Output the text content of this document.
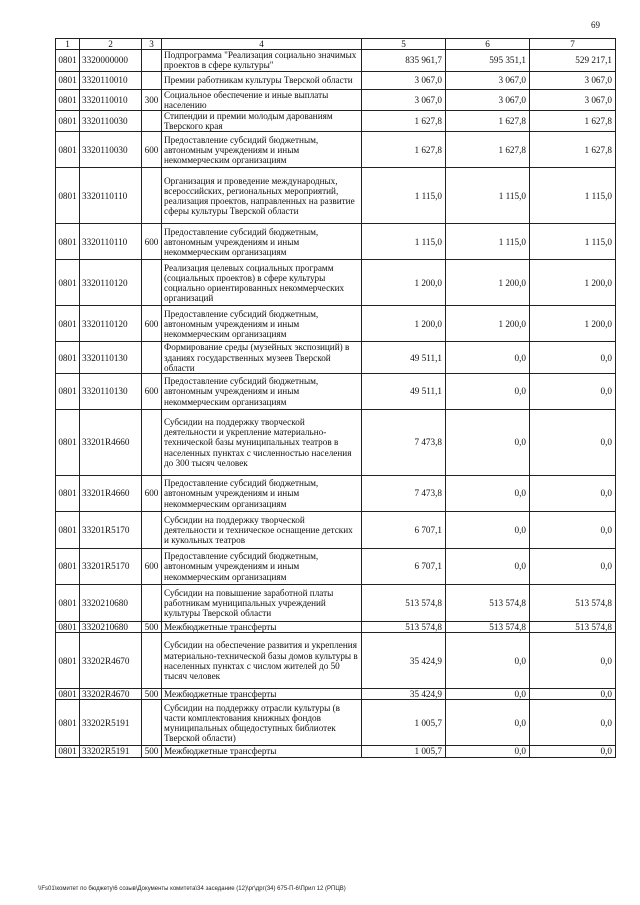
69
1	2	3	4	5	6	7
0801	3320000000		Подпрограмма "Реализация социально значимых проектов в сфере культуры"	835 961,7	595 351,1	529 217,1
0801	3320110010		Премии работникам культуры Тверской области	3 067,0	3 067,0	3 067,0
0801	3320110010	300	Социальное обеспечение и иные выплаты населению	3 067,0	3 067,0	3 067,0
0801	3320110030		Стипендии и премии молодым дарованиям Тверского края	1 627,8	1 627,8	1 627,8
0801	3320110030	600	Предоставление субсидий бюджетным, автономным учреждениям и иным некоммерческим организациям	1 627,8	1 627,8	1 627,8
0801	3320110110		Организация и проведение международных, всероссийских, региональных мероприятий, реализация проектов, направленных на развитие сферы культуры Тверской области	1 115,0	1 115,0	1 115,0
0801	3320110110	600	Предоставление субсидий бюджетным, автономным учреждениям и иным некоммерческим организациям	1 115,0	1 115,0	1 115,0
0801	3320110120		Реализация целевых социальных программ (социальных проектов) в сфере культуры социально ориентированных некоммерческих организаций	1 200,0	1 200,0	1 200,0
0801	3320110120	600	Предоставление субсидий бюджетным, автономным учреждениям и иным некоммерческим организациям	1 200,0	1 200,0	1 200,0
0801	3320110130		Формирование среды (музейных экспозиций) в зданиях государственных музеев Тверской области	49 511,1	0,0	0,0
0801	3320110130	600	Предоставление субсидий бюджетным, автономным учреждениям и иным некоммерческим организациям	49 511,1	0,0	0,0
0801	33201R4660		Субсидии на поддержку творческой деятельности и укрепление материально-технической базы муниципальных театров в населенных пунктах с численностью населения до 300 тысяч человек	7 473,8	0,0	0,0
0801	33201R4660	600	Предоставление субсидий бюджетным, автономным учреждениям и иным некоммерческим организациям	7 473,8	0,0	0,0
0801	33201R5170		Субсидии на поддержку творческой деятельности и техническое оснащение детских и кукольных театров	6 707,1	0,0	0,0
0801	33201R5170	600	Предоставление субсидий бюджетным, автономным учреждениям и иным некоммерческим организациям	6 707,1	0,0	0,0
0801	3320210680		Субсидии на повышение заработной платы работникам муниципальных учреждений культуры Тверской области	513 574,8	513 574,8	513 574,8
0801	3320210680	500	Межбюджетные трансферты	513 574,8	513 574,8	513 574,8
0801	33202R4670		Субсидии на обеспечение развития и укрепления материально-технической базы домов культуры в населенных пунктах с числом жителей до 50 тысяч человек	35 424,9	0,0	0,0
0801	33202R4670	500	Межбюджетные трансферты	35 424,9	0,0	0,0
0801	33202R5191		Субсидии на поддержку отрасли культуры (в части комплектования книжных фондов муниципальных общедоступных библиотек Тверской области)	1 005,7	0,0	0,0
0801	33202R5191	500	Межбюджетные трансферты	1 005,7	0,0	0,0
\\Fs01\комитет по бюджету\6 созыв\Документы комитета\34 заседание (12)\рг\дрг(34) 675-П-6\Прил 12 (РПЦВ)
